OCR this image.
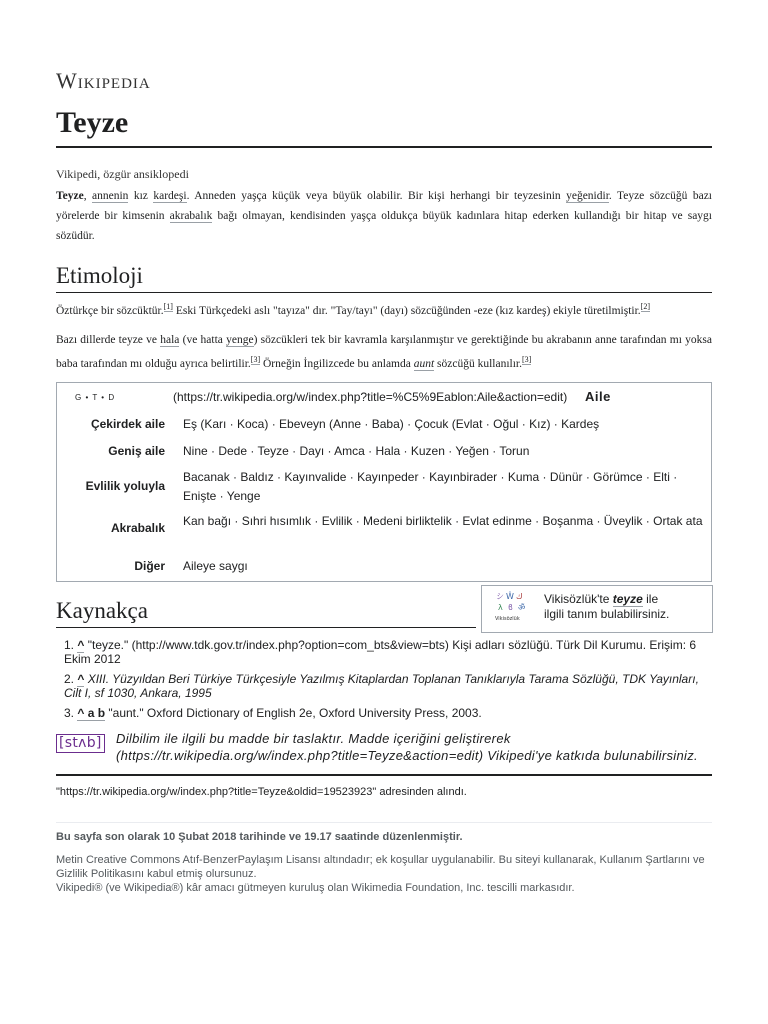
Wikipedia
Teyze
Vikipedi, özgür ansiklopedi
Teyze, annenin kız kardeşi. Anneden yaşça küçük veya büyük olabilir. Bir kişi herhangi bir teyzesinin yeğenidir. Teyze sözcüğü bazı yörelerde bir kimsenin akrabalık bağı olmayan, kendisinden yaşça oldukça büyük kadınlara hitap ederken kullandığı bir hitap ve saygı sözüdür.
Etimoloji
Öztürkçe bir sözcüktür.[1] Eski Türkçedeki aslı "tayıza" dır. "Tay/tayı" (dayı) sözcüğünden -eze (kız kardeş) ekiyle türetilmiştir.[2]
Bazı dillerde teyze ve hala (ve hatta yenge) sözcükleri tek bir kavramla karşılanmıştır ve gerektiğinde bu akrabanın anne tarafından mı yoksa baba tarafından mı olduğu ayrıca belirtilir.[3] Örneğin İngilizcede bu anlamda aunt sözcüğü kullanılır.[3]
G • T • D	(https://tr.wikipedia.org/w/index.php?title=%C5%9Eablon:Aile&action=edit) Aile
Çekirdek aile Eş (Karı · Koca) · Ebeveyn (Anne · Baba) · Çocuk (Evlat · Oğul · Kız) · Kardeş
Geniş aile Nine · Dede · Teyze · Dayı · Amca · Hala · Kuzen · Yeğen · Torun
Evlilik yoluyla
Bacanak · Baldız · Kayınvalide · Kayınpeder · Kayınbirader · Kuma · Dünür · Görümce · Elti · Enişte · Yenge
Akrabalık Kan bağı · Sıhri hısımlık · Evlilik · Medeni birliktelik · Evlat edinme · Boşanma · Üveylik · Ortak ata
Diğer Aileye saygı
シ Ŵ ك
λ ϐ ॐ
Vikisözlük
Vikisözlük'te teyze ile
ilgili tanım bulabilirsiniz.
Kaynakça
1. ^ "teyze." (http://www.tdk.gov.tr/index.php?option=com_bts&view=bts) Kişi adları sözlüğü. Türk Dil Kurumu. Erişim: 6 Ekim 2012
2. ^ XIII. Yüzyıldan Beri Türkiye Türkçesiyle Yazılmış Kitaplardan Toplanan Tanıklarıyla Tarama Sözlüğü, TDK Yayınları, Cilt I, sf 1030, Ankara, 1995
3. ^ a b "aunt." Oxford Dictionary of English 2e, Oxford University Press, 2003.
[stʌb] Dilbilim ile ilgili bu madde bir taslaktır. Madde içeriğini geliştirerek (https://tr.wikipedia.org/w/index.php?title=Teyze&action=edit) Vikipedi'ye katkıda bulunabilirsiniz.
"https://tr.wikipedia.org/w/index.php?title=Teyze&oldid=19523923" adresinden alındı.
Bu sayfa son olarak 10 Şubat 2018 tarihinde ve 19.17 saatinde düzenlenmiştir.
Metin Creative Commons Atıf-BenzerPaylaşım Lisansı altındadır; ek koşullar uygulanabilir. Bu siteyi kullanarak, Kullanım Şartlarını ve Gizlilik Politikasını kabul etmiş olursunuz.
Vikipedi® (ve Wikipedia®) kâr amacı gütmeyen kuruluş olan Wikimedia Foundation, Inc. tescilli markasıdır.
